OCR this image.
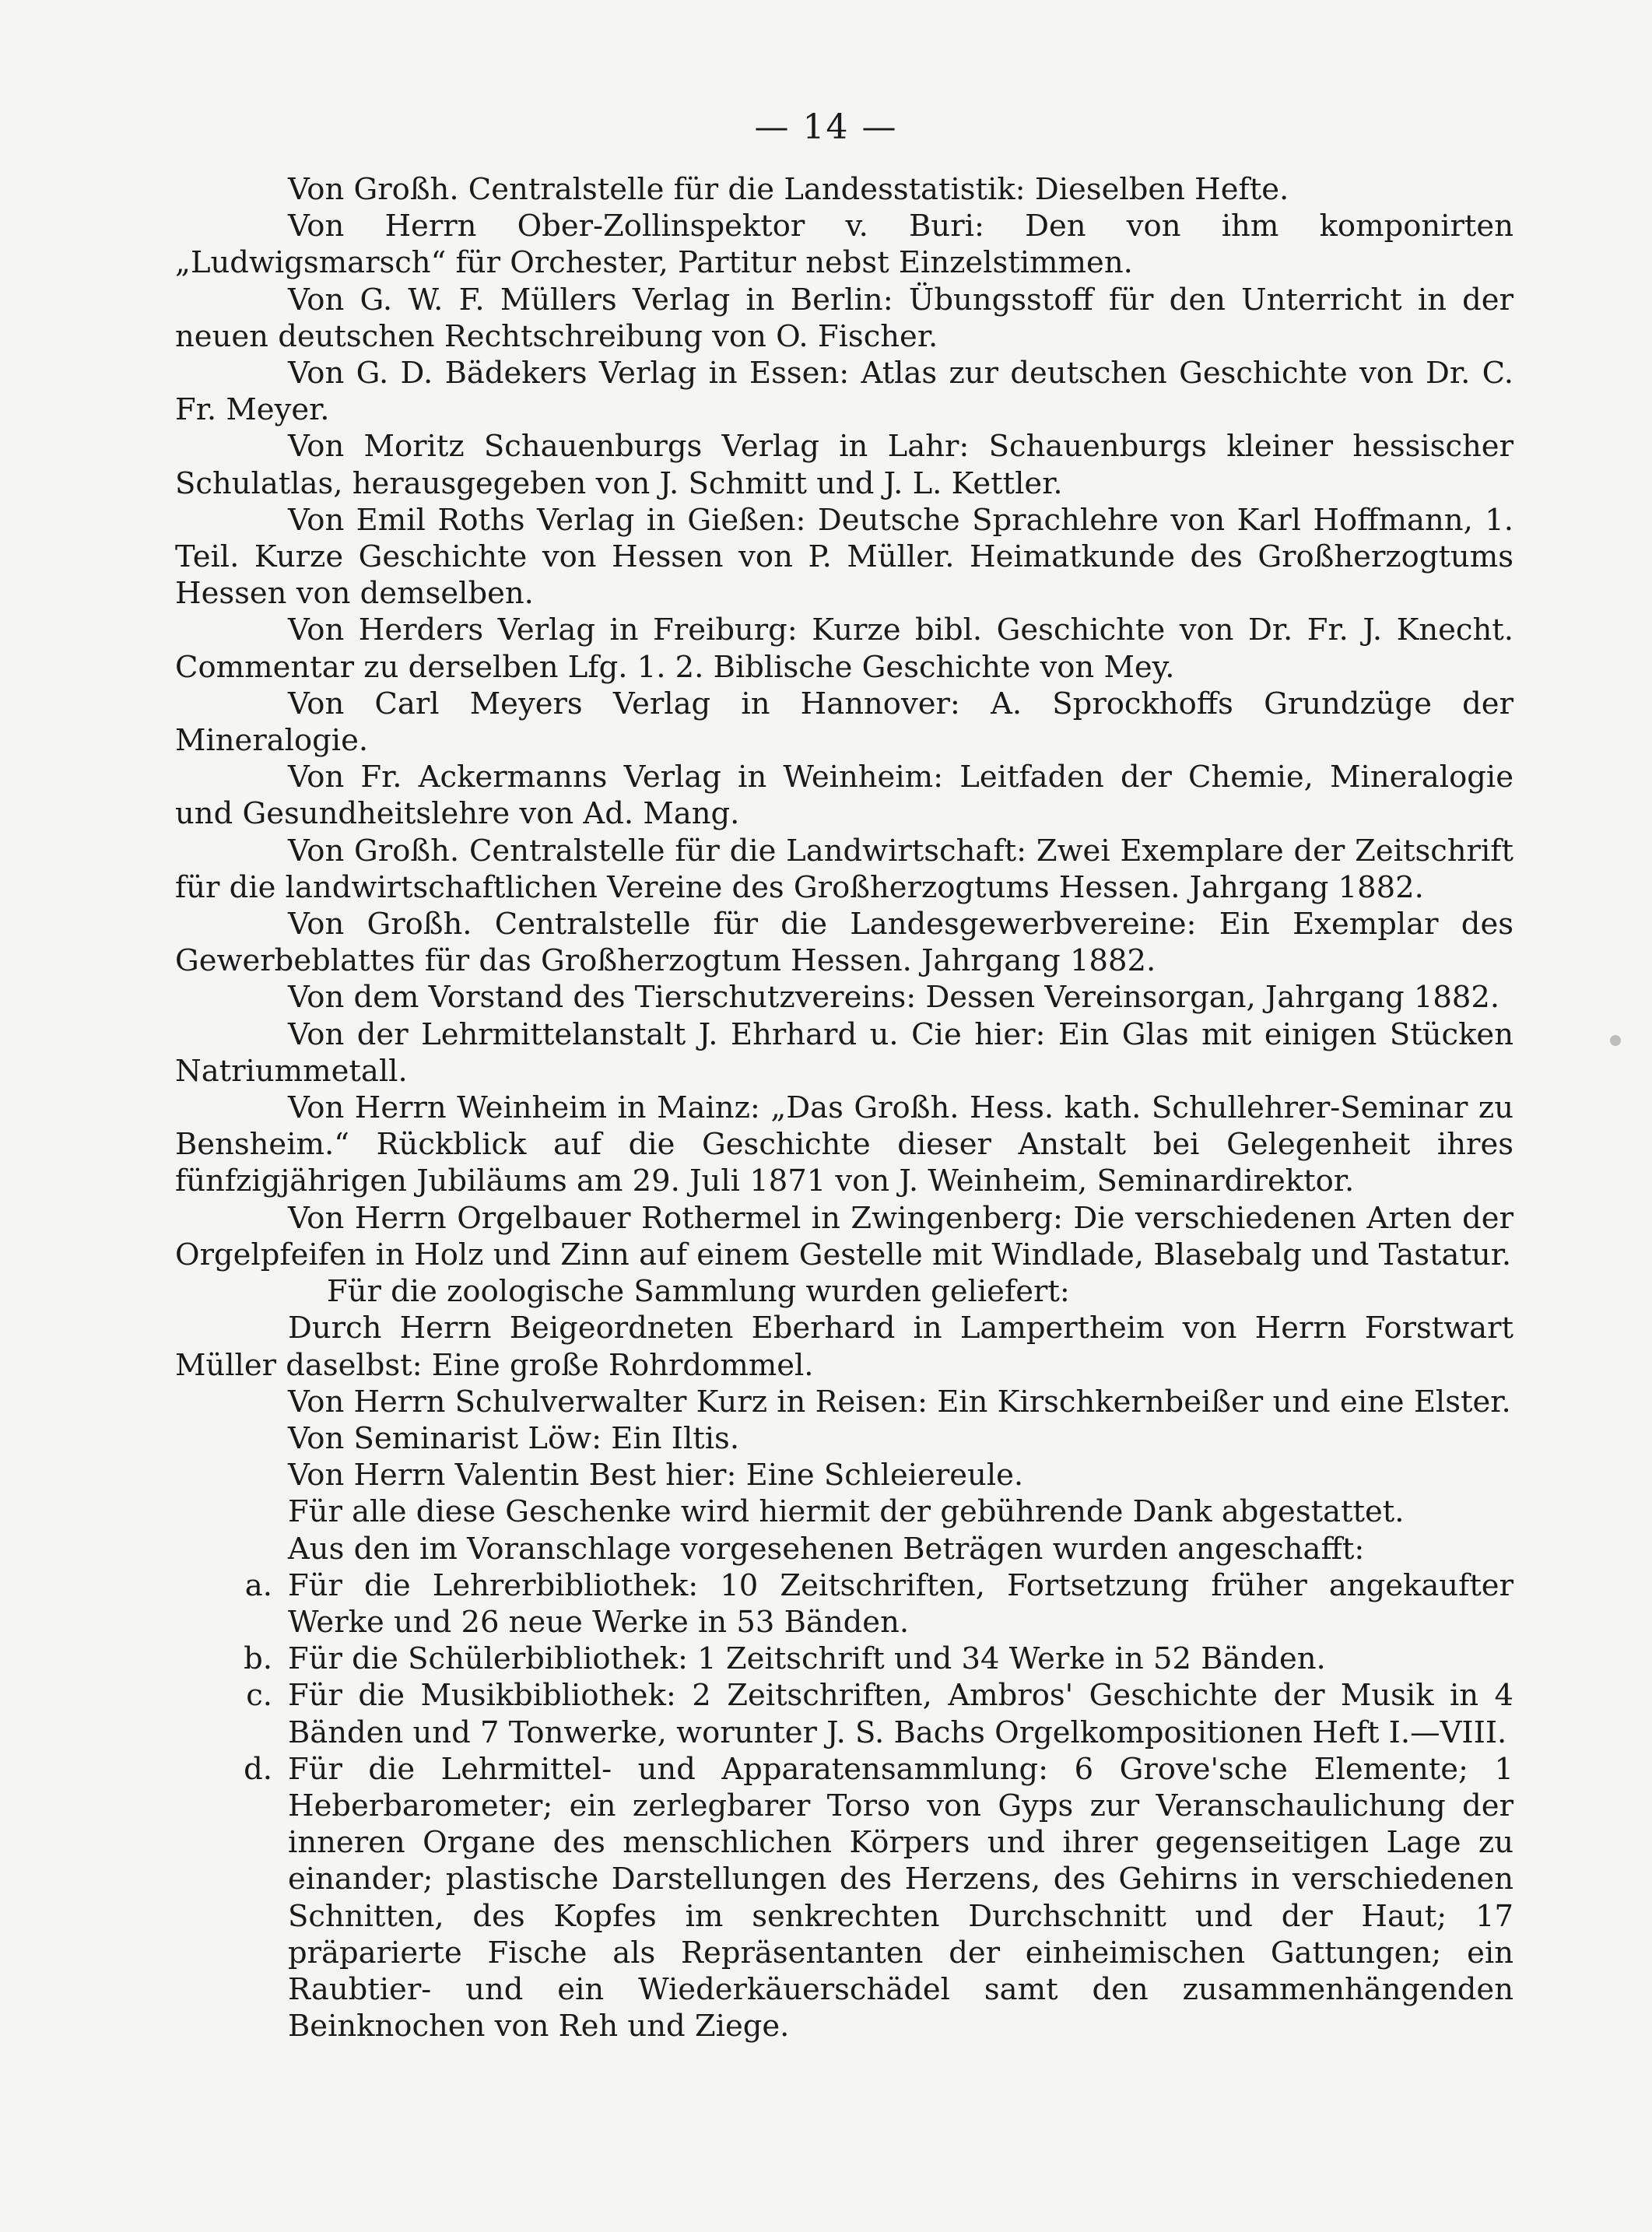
— 14 —
Von Großh. Centralstelle für die Landesstatistik: Dieselben Hefte.
Von Herrn Ober-Zollinspektor v. Buri: Den von ihm komponirten „Ludwigsmarsch“ für Orchester, Partitur nebst Einzelstimmen.
Von G. W. F. Müllers Verlag in Berlin: Übungsstoff für den Unterricht in der neuen deutschen Rechtschreibung von O. Fischer.
Von G. D. Bädekers Verlag in Essen: Atlas zur deutschen Geschichte von Dr. C. Fr. Meyer.
Von Moritz Schauenburgs Verlag in Lahr: Schauenburgs kleiner hessischer Schulatlas, herausgegeben von J. Schmitt und J. L. Kettler.
Von Emil Roths Verlag in Gießen: Deutsche Sprachlehre von Karl Hoffmann, 1. Teil. Kurze Geschichte von Hessen von P. Müller. Heimatkunde des Großherzogtums Hessen von demselben.
Von Herders Verlag in Freiburg: Kurze bibl. Geschichte von Dr. Fr. J. Knecht. Commentar zu derselben Lfg. 1. 2. Biblische Geschichte von Mey.
Von Carl Meyers Verlag in Hannover: A. Sprockhoffs Grundzüge der Mineralogie.
Von Fr. Ackermanns Verlag in Weinheim: Leitfaden der Chemie, Mineralogie und Gesundheitslehre von Ad. Mang.
Von Großh. Centralstelle für die Landwirtschaft: Zwei Exemplare der Zeitschrift für die landwirtschaftlichen Vereine des Großherzogtums Hessen. Jahrgang 1882.
Von Großh. Centralstelle für die Landesgewerbvereine: Ein Exemplar des Gewerbeblattes für das Großherzogtum Hessen. Jahrgang 1882.
Von dem Vorstand des Tierschutzvereins: Dessen Vereinsorgan, Jahrgang 1882.
Von der Lehrmittelanstalt J. Ehrhard u. Cie hier: Ein Glas mit einigen Stücken Natriummetall.
Von Herrn Weinheim in Mainz: „Das Großh. Hess. kath. Schullehrer-Seminar zu Bensheim.“ Rückblick auf die Geschichte dieser Anstalt bei Gelegenheit ihres fünfzigjährigen Jubiläums am 29. Juli 1871 von J. Weinheim, Seminardirektor.
Von Herrn Orgelbauer Rothermel in Zwingenberg: Die verschiedenen Arten der Orgelpfeifen in Holz und Zinn auf einem Gestelle mit Windlade, Blasebalg und Tastatur.
Für die zoologische Sammlung wurden geliefert:
Durch Herrn Beigeordneten Eberhard in Lampertheim von Herrn Forstwart Müller daselbst: Eine große Rohrdommel.
Von Herrn Schulverwalter Kurz in Reisen: Ein Kirschkernbeißer und eine Elster.
Von Seminarist Löw: Ein Iltis.
Von Herrn Valentin Best hier: Eine Schleiereule.
Für alle diese Geschenke wird hiermit der gebührende Dank abgestattet.
Aus den im Voranschlage vorgesehenen Beträgen wurden angeschafft:
a. Für die Lehrerbibliothek: 10 Zeitschriften, Fortsetzung früher angekaufter Werke und 26 neue Werke in 53 Bänden.
b. Für die Schülerbibliothek: 1 Zeitschrift und 34 Werke in 52 Bänden.
c. Für die Musikbibliothek: 2 Zeitschriften, Ambros' Geschichte der Musik in 4 Bänden und 7 Tonwerke, worunter J. S. Bachs Orgelkompositionen Heft I.—VIII.
d. Für die Lehrmittel- und Apparatensammlung: 6 Grove'sche Elemente; 1 Heberbarometer; ein zerlegbarer Torso von Gyps zur Veranschaulichung der inneren Organe des menschlichen Körpers und ihrer gegenseitigen Lage zu einander; plastische Darstellungen des Herzens, des Gehirns in verschiedenen Schnitten, des Kopfes im senkrechten Durchschnitt und der Haut; 17 präparierte Fische als Repräsentanten der einheimischen Gattungen; ein Raubtier- und ein Wiederkäuerschädel samt den zusammenhängenden Beinknochen von Reh und Ziege.
